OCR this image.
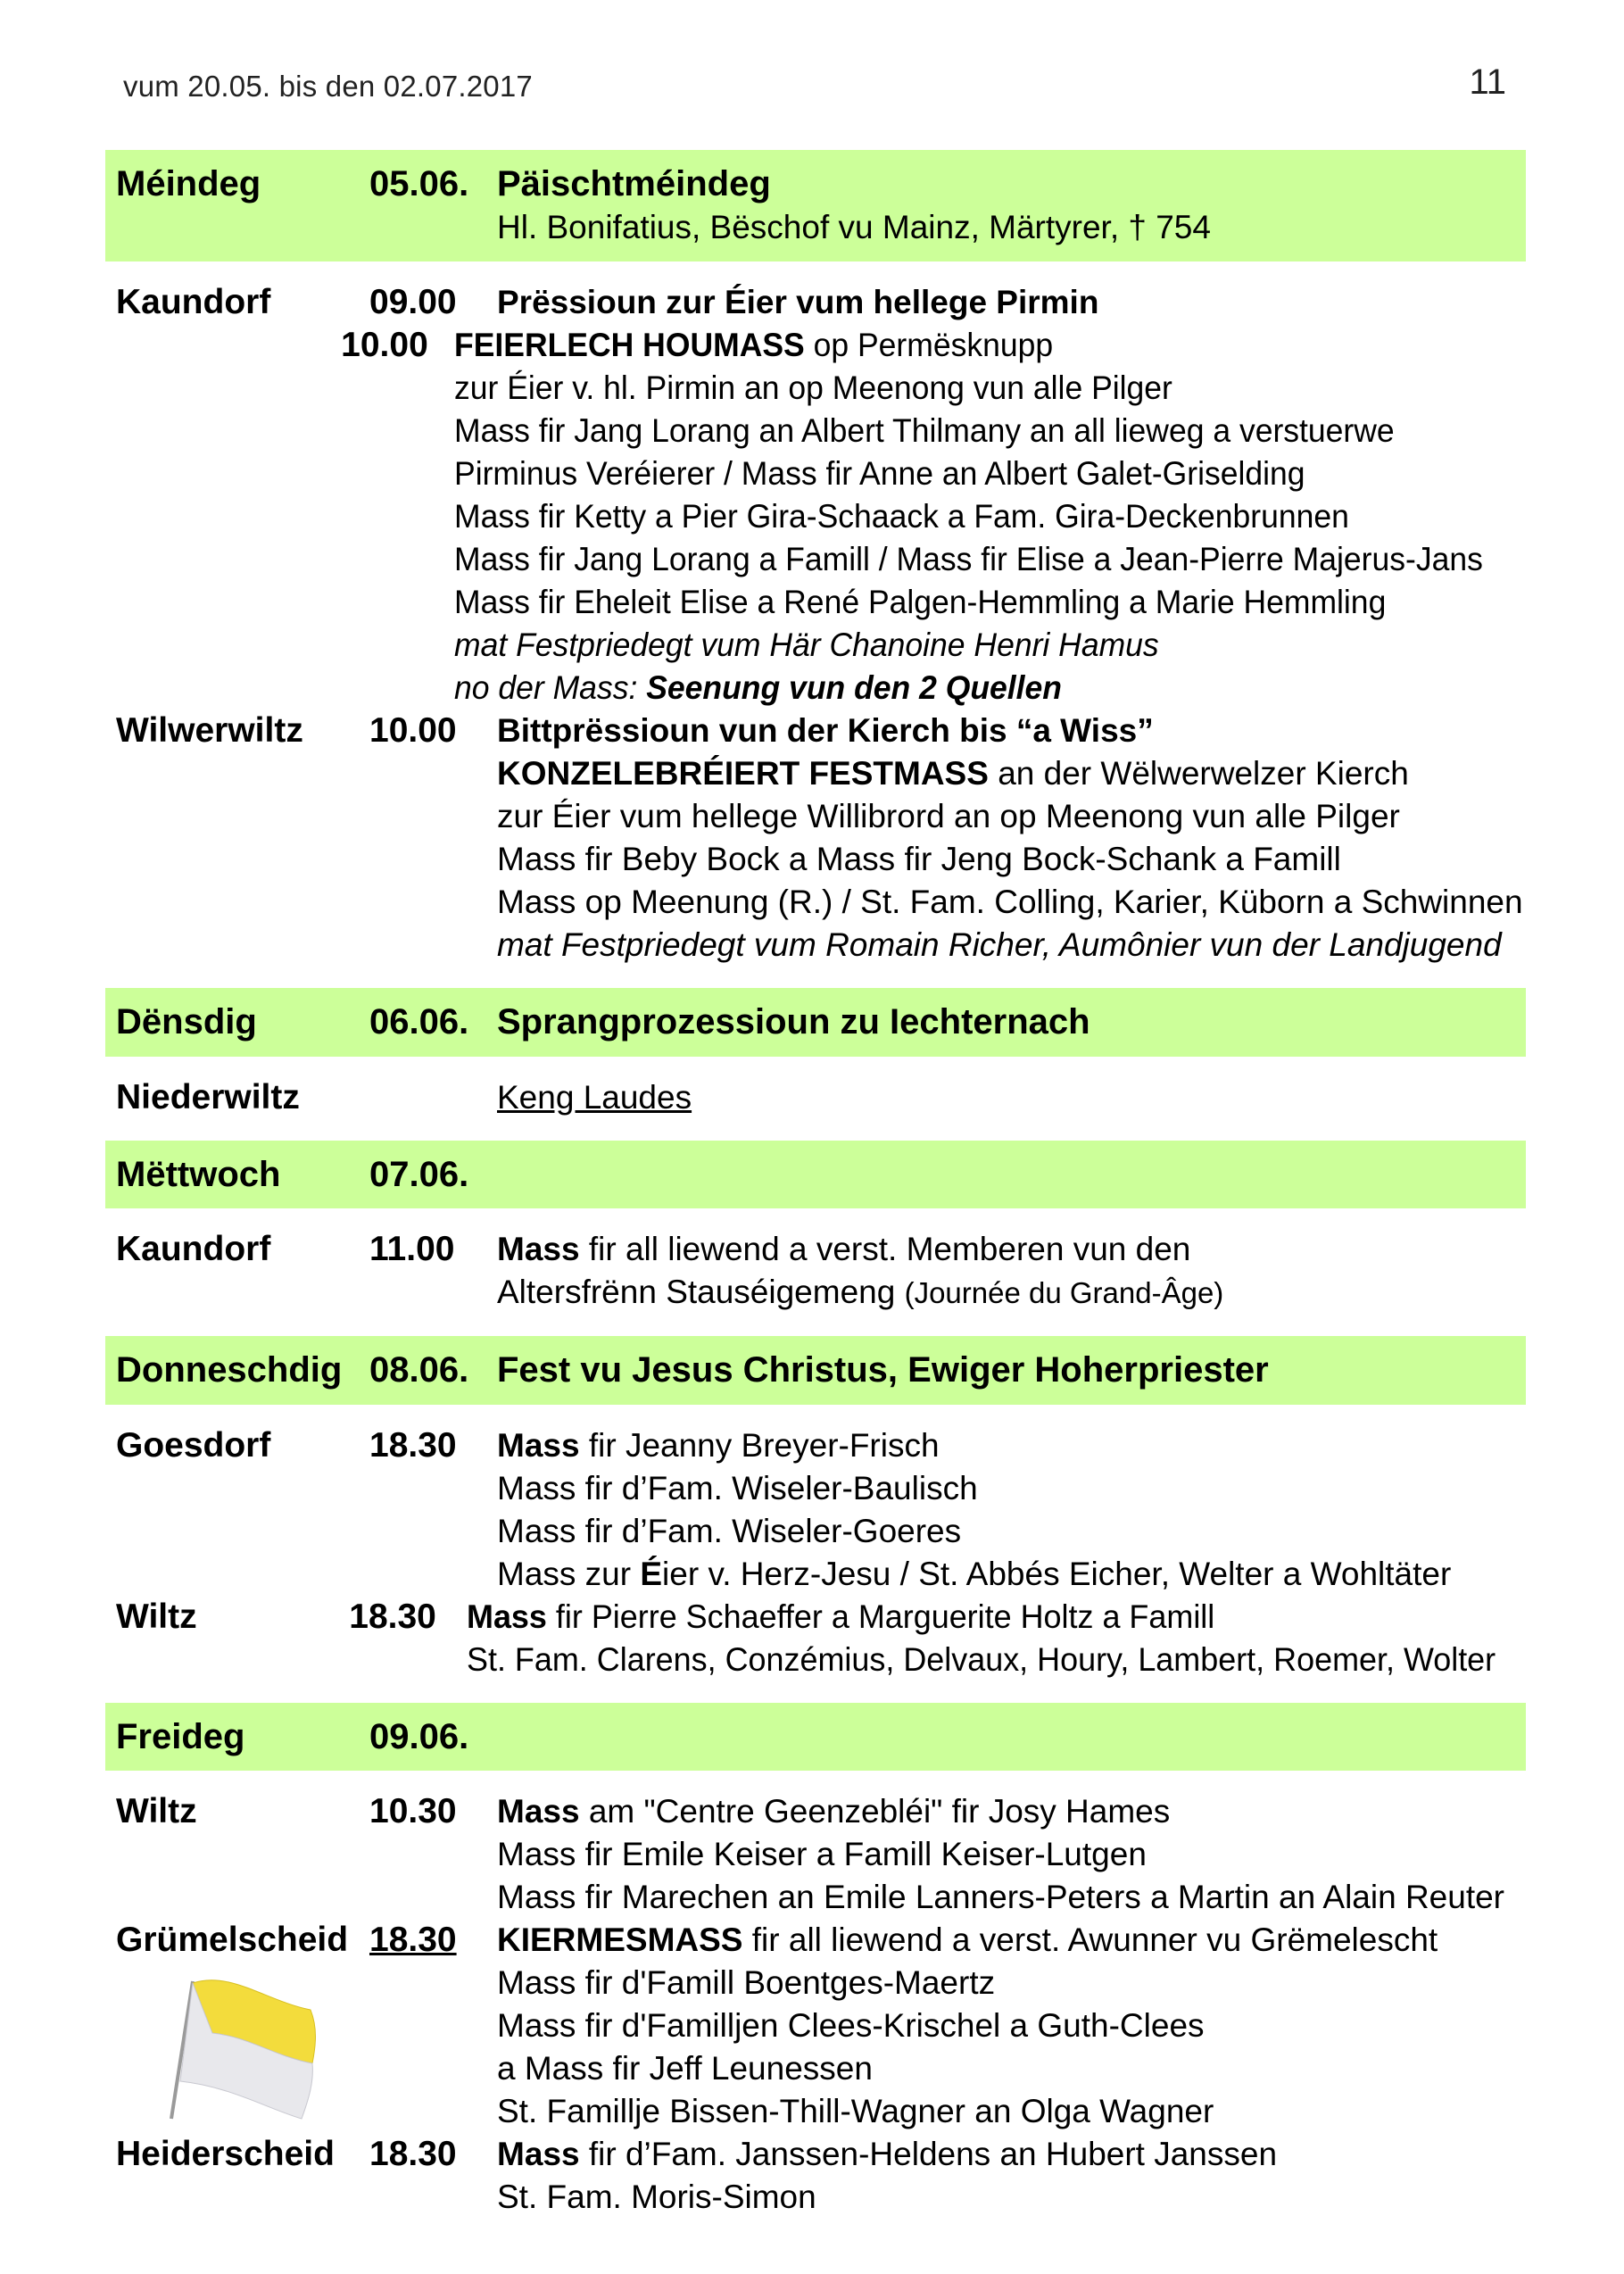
vum 20.05. bis den 02.07.2017	11
Méindeg	05.06. Päischtméindeg
Hl. Bonifatius, Bëschof vu Mainz, Märtyrer, † 754
Kaundorf	09.00	Prëssioun zur Éier vum hellege Pirmin
10.00 FEIERLECH HOUMASS op Permësknupp
zur Éier v. hl. Pirmin an op Meenong vun alle Pilger
Mass fir Jang Lorang an Albert Thilmany an all lieweg a verstuerwe
Pirminus Veréierer / Mass fir Anne an Albert Galet-Griselding
Mass fir Ketty a Pier Gira-Schaack a Fam. Gira-Deckenbrunnen
Mass fir Jang Lorang a Famill / Mass fir Elise a Jean-Pierre Majerus-Jans
Mass fir Eheleit Elise a René Palgen-Hemmling a Marie Hemmling
mat Festpriedegt vum Här Chanoine Henri Hamus
no der Mass: Seenung vun den 2 Quellen
Wilwerwiltz	10.00	Bittprëssioun vun der Kierch bis “a Wiss”
KONZELEBRÉIERT FESTMASS an der Wëlwerwelzer Kierch
zur Éier vum hellege Willibrord an op Meenong vun alle Pilger
Mass fir Beby Bock a Mass fir Jeng Bock-Schank a Famill
Mass op Meenung (R.) / St. Fam. Colling, Karier, Küborn a Schwinnen
mat Festpriedegt vum Romain Richer, Aumônier vun der Landjugend
Dënsdig	06.06. Sprangprozessioun zu Iechternach
Niederwiltz	Keng Laudes
Mëttwoch	07.06.
Kaundorf	11.00	Mass fir all liewend a verst. Memberen vun den
Altersfrënn Stauséigemeng (Journée du Grand-Âge)
Donneschdig 08.06. Fest vu Jesus Christus, Ewiger Hoherpriester
Goesdorf	18.30	Mass fir Jeanny Breyer-Frisch
Mass fir d’Fam. Wiseler-Baulisch
Mass fir d’Fam. Wiseler-Goeres
Mass zur Éier v. Herz-Jesu / St. Abbés Eicher, Welter a Wohltäter
Wiltz	18.30 Mass fir Pierre Schaeffer a Marguerite Holtz a Famill
St. Fam. Clarens, Conzémius, Delvaux, Houry, Lambert, Roemer, Wolter
Freideg	09.06.
Wiltz	10.30	Mass am "Centre Geenzebléi" fir Josy Hames
Mass fir Emile Keiser a Famill Keiser-Lutgen
Mass fir Marechen an Emile Lanners-Peters a Martin an Alain Reuter
Grümelscheid 18.30	KIERMESMASS fir all liewend a verst. Awunner vu Grëmelescht
Mass fir d'Famill Boentges-Maertz
Mass fir d'Familljen Clees-Krischel a Guth-Clees
a Mass fir Jeff Leunessen
St. Familljе Bissen-Thill-Wagner an Olga Wagner
Heiderscheid	18.30	Mass fir d’Fam. Janssen-Heldens an Hubert Janssen
St. Fam. Moris-Simon
